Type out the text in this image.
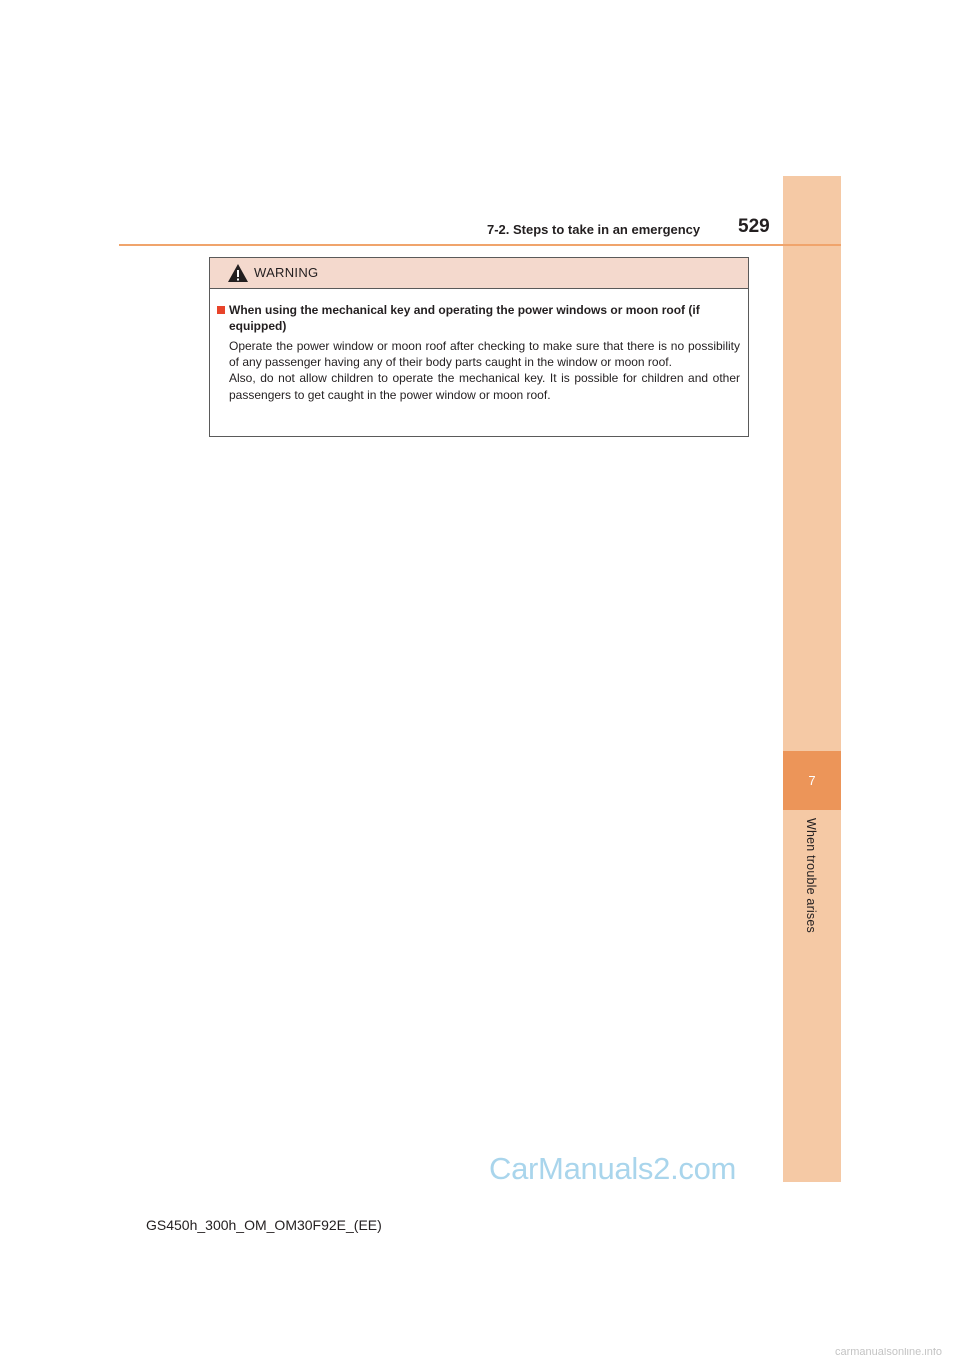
7
When trouble arises
7-2. Steps to take in an emergency 529
WARNING
When using the mechanical key and operating the power windows or moon roof (if equipped)
Operate the power window or moon roof after checking to make sure that there is no possibility of any passenger having any of their body parts caught in the window or moon roof.
Also, do not allow children to operate the mechanical key. It is possible for children and other passengers to get caught in the power window or moon roof.
CarManuals2.com
GS450h_300h_OM_OM30F92E_(EE)
carmanualsonline.info
